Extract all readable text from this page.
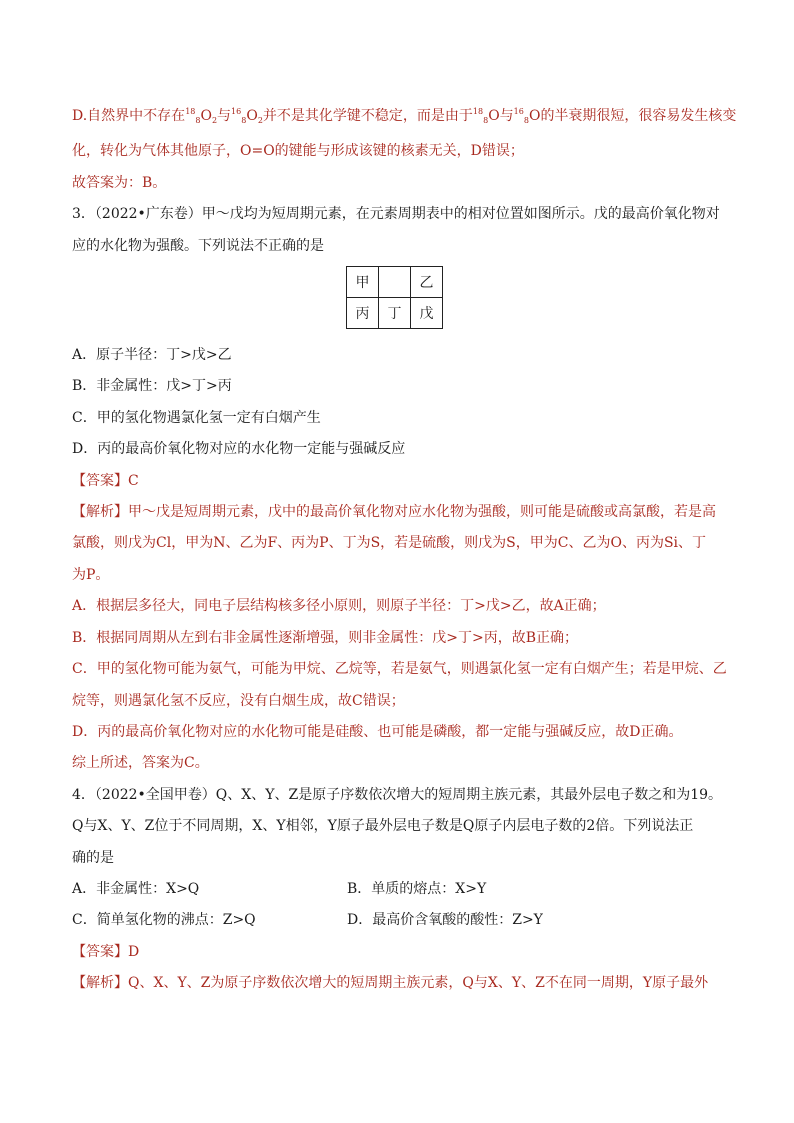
D.自然界中不存在$^{18}_8O_2$与$^{16}_8O_2$并不是其化学键不稳定，而是由于$^{18}_8$O与$^{16}_8$O的半衰期很短，很容易发生核变

化，转化为气体其他原子，O=O的键能与形成该键的核素无关，D错误；

故答案为：B。

3．（2022•广东卷）甲～戊均为短周期元素，在元素周期表中的相对位置如图所示。戊的最高价氧化物对

应的水化物为强酸。下列说法不正确的是

甲		乙
丙	丁	戊

A．原子半径：丁>戊>乙

B．非金属性：戊>丁>丙

C．甲的氢化物遇氯化氢一定有白烟产生

D．丙的最高价氧化物对应的水化物一定能与强碱反应

【答案】C

【解析】甲～戊是短周期元素，戊中的最高价氧化物对应水化物为强酸，则可能是硫酸或高氯酸，若是高

氯酸，则戊为Cl，甲为N、乙为F、丙为P、丁为S，若是硫酸，则戊为S，甲为C、乙为O、丙为Si、丁

为P。

A．根据层多径大，同电子层结构核多径小原则，则原子半径：丁>戊>乙，故A正确；

B．根据同周期从左到右非金属性逐渐增强，则非金属性：戊>丁>丙，故B正确；

C．甲的氢化物可能为氨气，可能为甲烷、乙烷等，若是氨气，则遇氯化氢一定有白烟产生；若是甲烷、乙

烷等，则遇氯化氢不反应，没有白烟生成，故C错误；

D．丙的最高价氧化物对应的水化物可能是硅酸、也可能是磷酸，都一定能与强碱反应，故D正确。

综上所述，答案为C。

4．（2022•全国甲卷）Q、X、Y、Z是原子序数依次增大的短周期主族元素，其最外层电子数之和为19。

Q与X、Y、Z位于不同周期，X、Y相邻，Y原子最外层电子数是Q原子内层电子数的2倍。下列说法正

确的是

A．非金属性：X>Q	B．单质的熔点：X>Y

C．简单氢化物的沸点：Z>Q	D．最高价含氧酸的酸性：Z>Y

【答案】D

【解析】Q、X、Y、Z为原子序数依次增大的短周期主族元素，Q与X、Y、Z不在同一周期，Y原子最外
